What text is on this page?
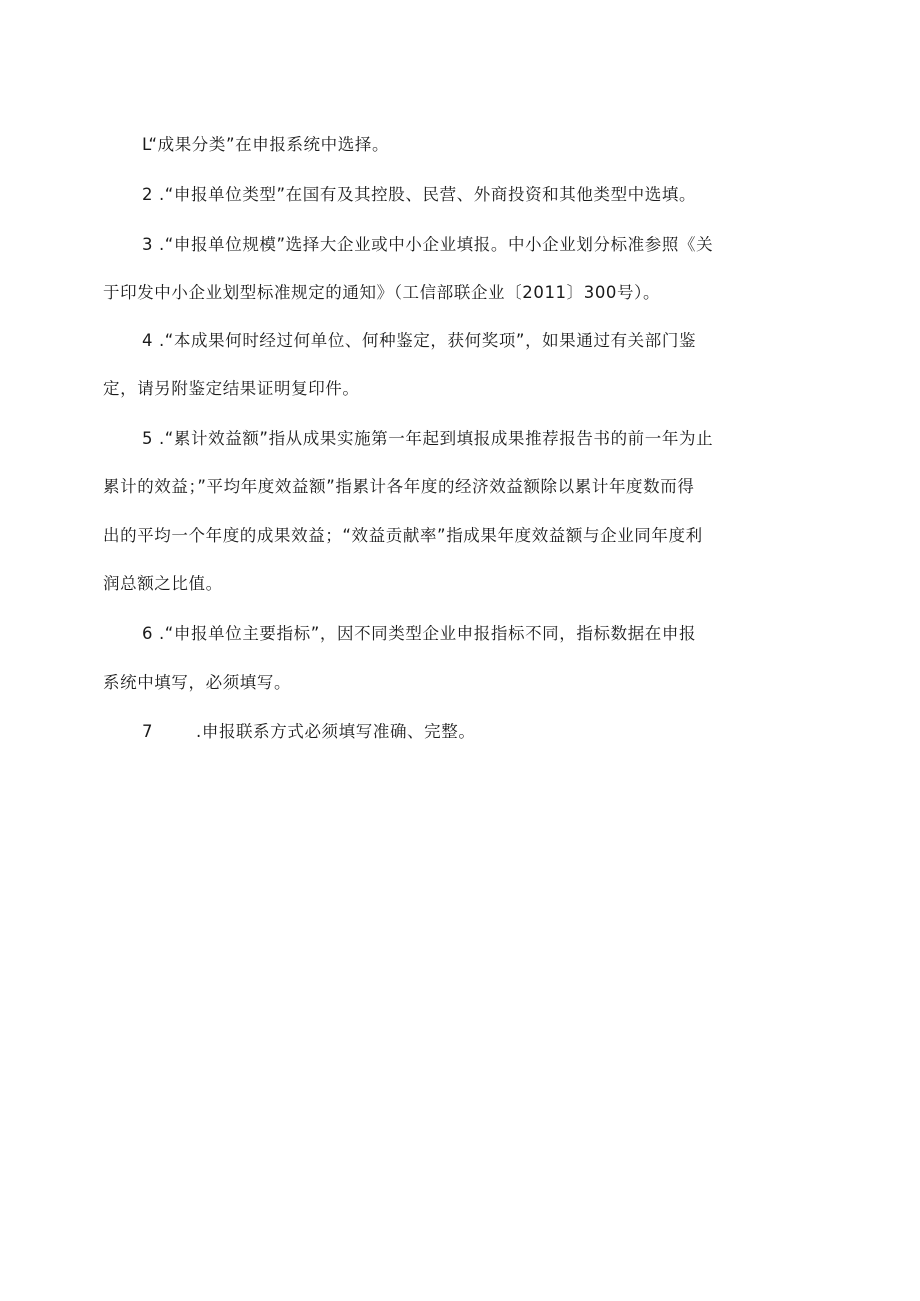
L“成果分类”在申报系统中选择。
2 .“申报单位类型”在国有及其控股、民营、外商投资和其他类型中选填。
3 .“申报单位规模”选择大企业或中小企业填报。中小企业划分标准参照《关
于印发中小企业划型标准规定的通知》（工信部联企业〔2011〕300号）。
4 .“本成果何时经过何单位、何种鉴定，获何奖项”，如果通过有关部门鉴
定，请另附鉴定结果证明复印件。
5 .“累计效益额”指从成果实施第一年起到填报成果推荐报告书的前一年为止
累计的效益；”平均年度效益额”指累计各年度的经济效益额除以累计年度数而得
出的平均一个年度的成果效益；“效益贡献率”指成果年度效益额与企业同年度利
润总额之比值。
6 .“申报单位主要指标”，因不同类型企业申报指标不同，指标数据在申报
系统中填写，必须填写。
7	.申报联系方式必须填写准确、完整。
